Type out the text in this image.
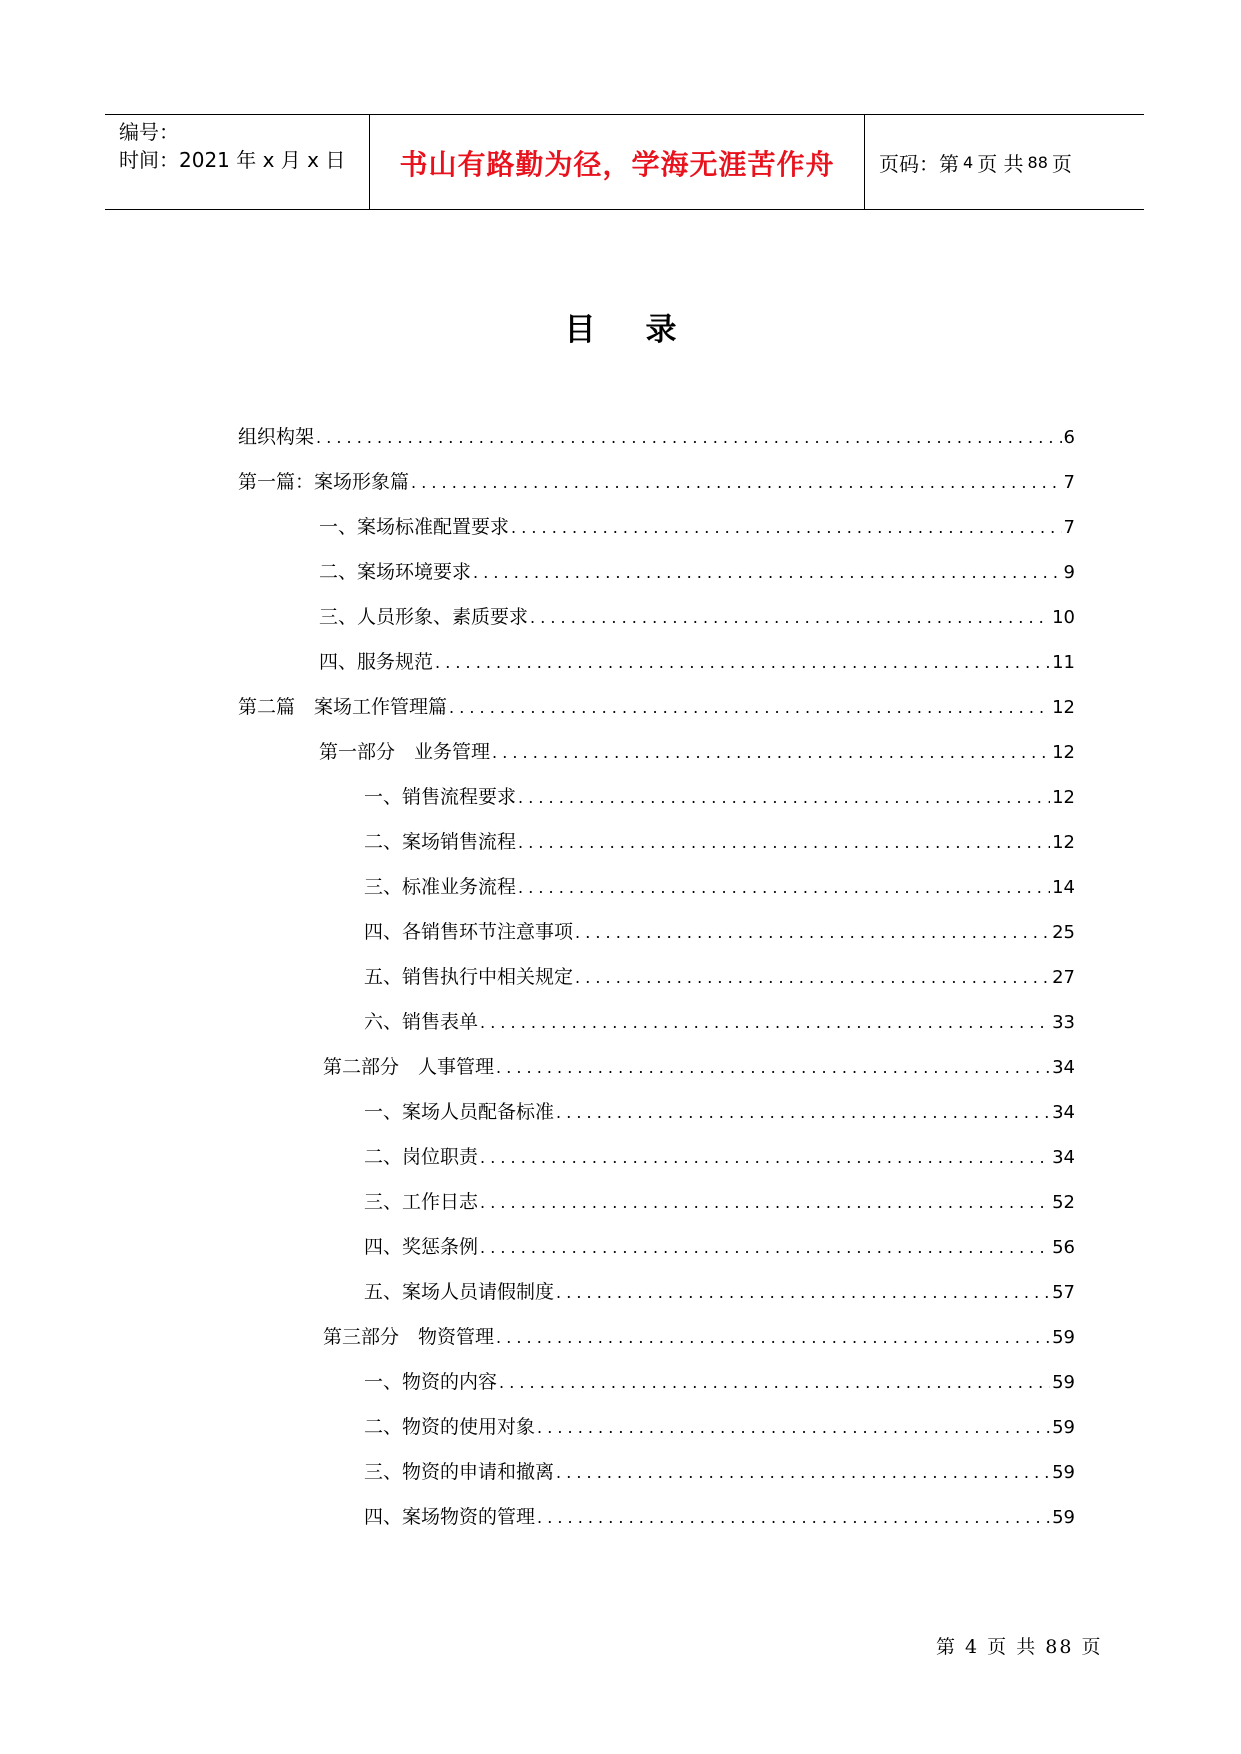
编号：
时间：2021 年 x 月 x 日 书山有路勤为径，学海无涯苦作舟 页码：第 4 页 共 88 页
目录
组织构架 . . .	6
第一篇：案场形象篇 . . .	7
一、案场标准配置要求 . . .	7
二、案场环境要求 . . .	9
三、人员形象、素质要求 . . .	10
四、服务规范 . . .	11
第二篇　案场工作管理篇 . . .	12
第一部分　业务管理 . . .	12
一、销售流程要求 . . .	12
二、案场销售流程 . . .	12
三、标准业务流程 . . .	14
四、各销售环节注意事项 . . .	25
五、销售执行中相关规定 . . .	27
六、销售表单 . . .	33
第二部分　人事管理 . . .	34
一、案场人员配备标准 . . .	34
二、岗位职责 . . .	34
三、工作日志 . . .	52
四、奖惩条例 . . .	56
五、案场人员请假制度 . . .	57
第三部分　物资管理 . . .	59
一、物资的内容 . . .	59
二、物资的使用对象 . . .	59
三、物资的申请和撤离 . . .	59
四、案场物资的管理 . . .	59
第 4 页 共 88 页
